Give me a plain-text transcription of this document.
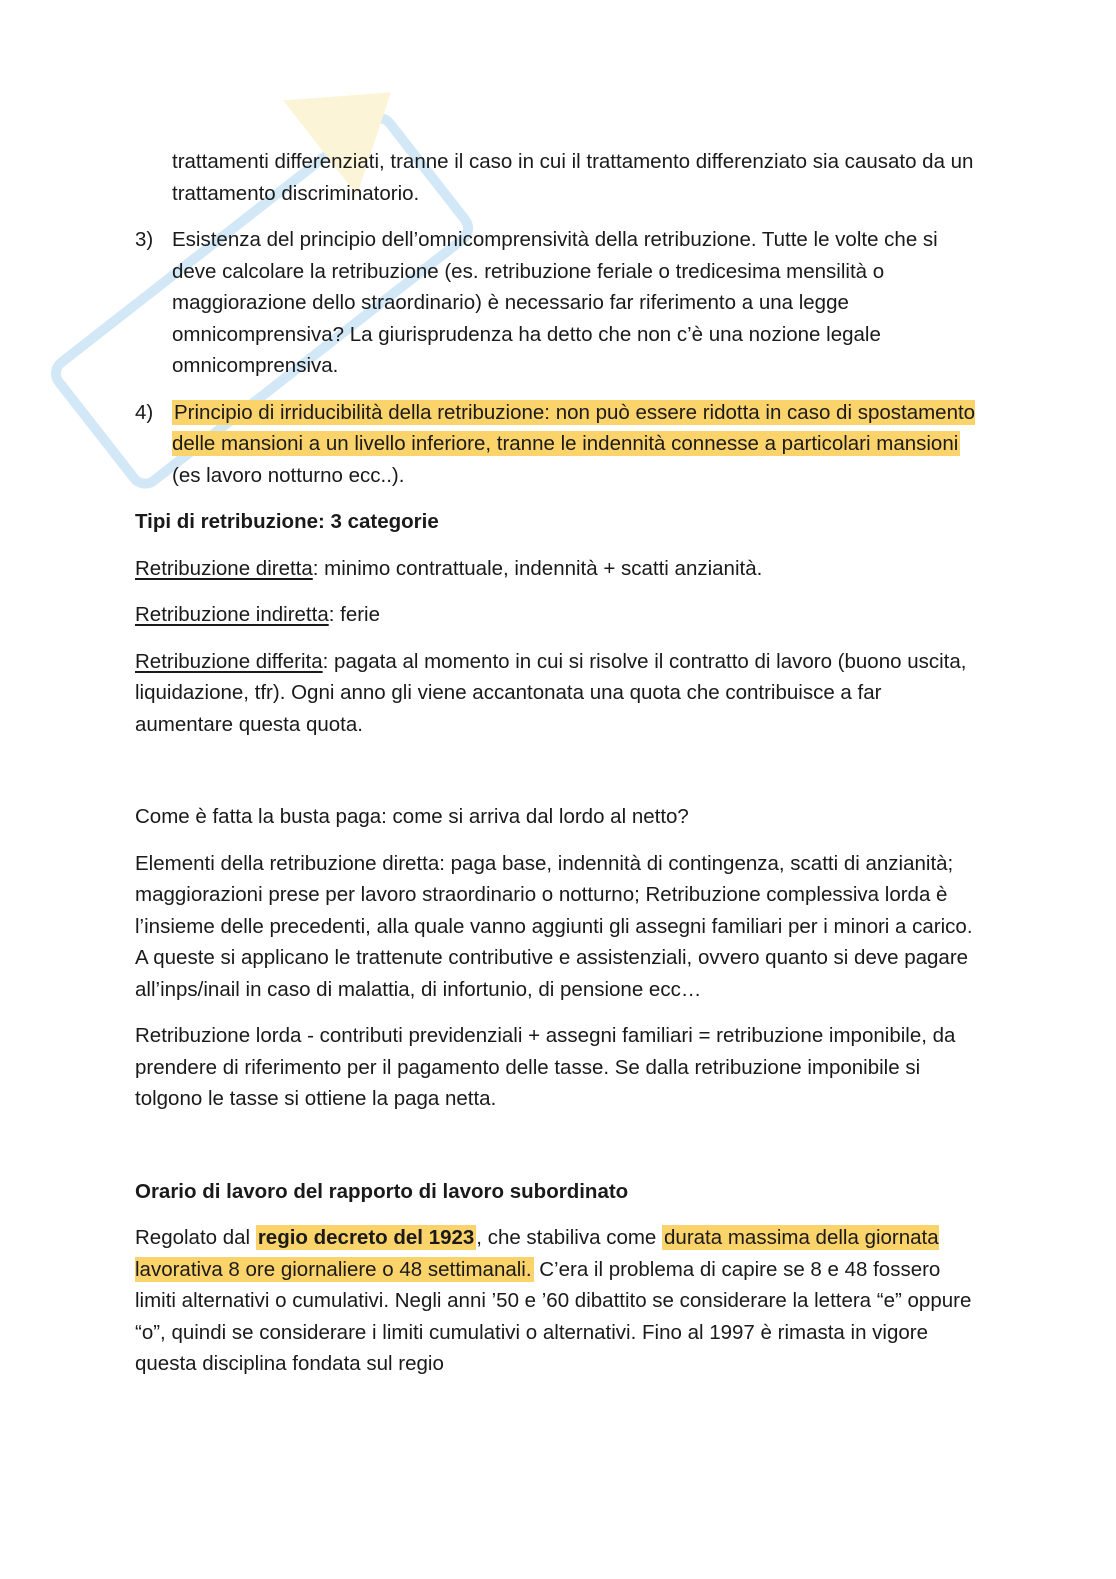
trattamenti differenziati, tranne il caso in cui il trattamento differenziato sia causato da un trattamento discriminatorio.

3) Esistenza del principio dell’omnicomprensività della retribuzione. Tutte le volte che si deve calcolare la retribuzione (es. retribuzione feriale o tredicesima mensilità o maggiorazione dello straordinario) è necessario far riferimento a una legge omnicomprensiva? La giurisprudenza ha detto che non c’è una nozione legale omnicomprensiva.
4)	Principio di irriducibilità della retribuzione: non può essere ridotta in caso di spostamento delle mansioni a un livello inferiore, tranne le indennità connesse a particolari mansioni (es lavoro notturno ecc..).

Tipi di retribuzione: 3 categorie

Retribuzione diretta: minimo contrattuale, indennità + scatti anzianità.

Retribuzione indiretta: ferie

Retribuzione differita: pagata al momento in cui si risolve il contratto di lavoro (buono uscita, liquidazione, tfr). Ogni anno gli viene accantonata una quota che contribuisce a far aumentare questa quota.

Come è fatta la busta paga: come si arriva dal lordo al netto?

Elementi della retribuzione diretta: paga base, indennità di contingenza, scatti di anzianità; maggiorazioni prese per lavoro straordinario o notturno; Retribuzione complessiva lorda è l’insieme delle precedenti, alla quale vanno aggiunti gli assegni familiari per i minori a carico. A queste si applicano le trattenute contributive e assistenziali, ovvero quanto si deve pagare all’inps/inail in caso di malattia, di infortunio, di pensione ecc…

Retribuzione lorda - contributi previdenziali + assegni familiari = retribuzione imponibile, da prendere di riferimento per il pagamento delle tasse. Se dalla retribuzione imponibile si tolgono le tasse si ottiene la paga netta.

Orario di lavoro del rapporto di lavoro subordinato

Regolato dal regio decreto del 1923, che stabiliva come durata massima della giornata lavorativa 8 ore giornaliere o 48 settimanali. C’era il problema di capire se 8 e 48 fossero limiti alternativi o cumulativi. Negli anni ’50 e ’60 dibattito se considerare la lettera “e” oppure “o”, quindi se considerare i limiti cumulativi o alternativi. Fino al 1997 è rimasta in vigore questa disciplina fondata sul regio
